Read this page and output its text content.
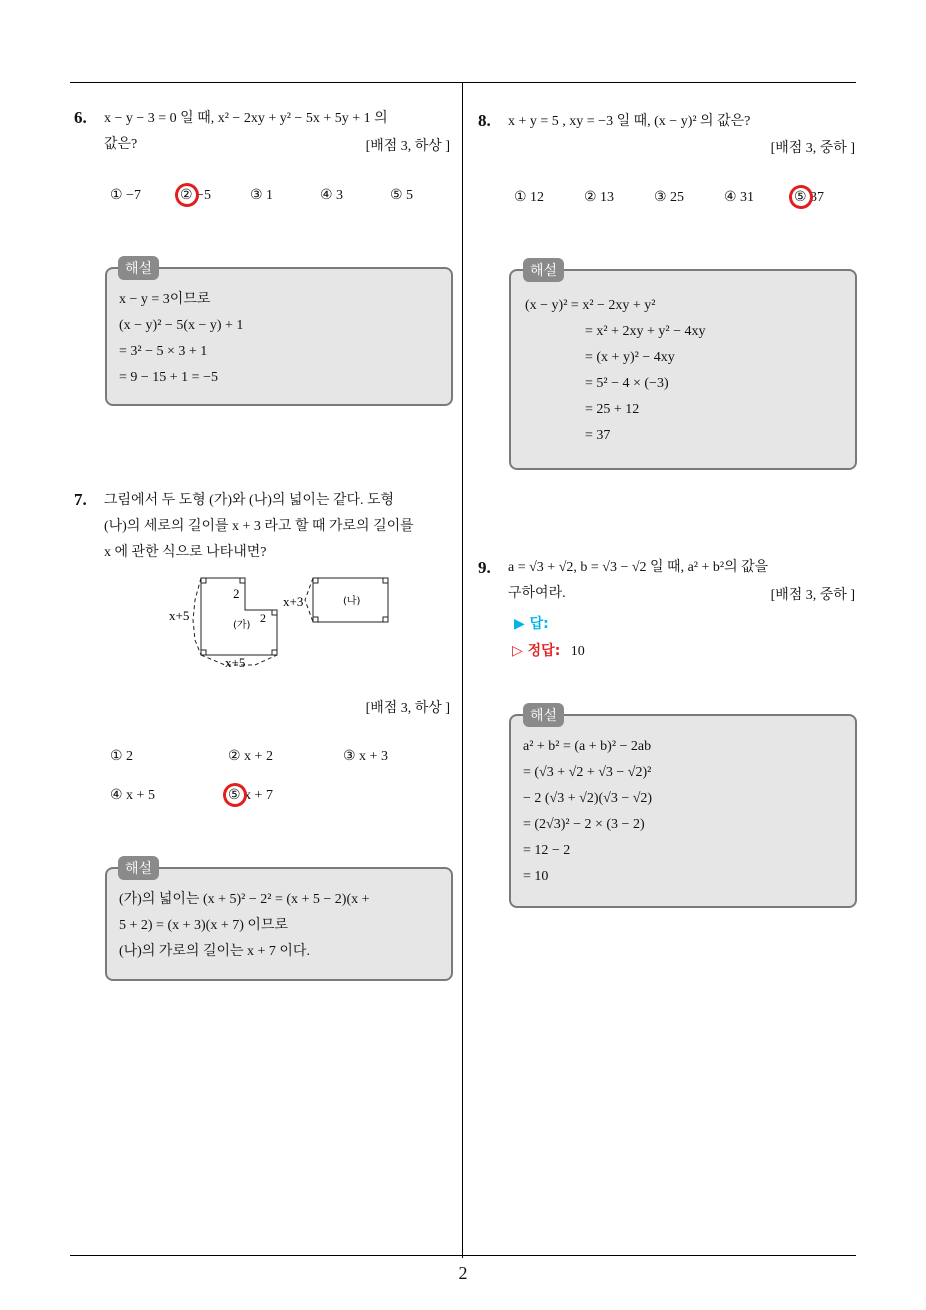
6. x − y − 3 = 0 일 때, x² − 2xy + y² − 5x + 5y + 1 의
값은?	[배점 3, 하상 ]
① −7	② −5	③ 1	④ 3	⑤ 5
x − y = 3이므로
(x − y)² − 5(x − y) + 1
= 3² − 5 × 3 + 1
= 9 − 15 + 1 = −5
해설
7. 그림에서 두 도형 (가)와 (나)의 넓이는 같다. 도형
(나)의 세로의 길이를 x + 3 라고 할 때 가로의 길이를
x 에 관한 식으로 나타내면?
x+5
2
2
(가)
x+5
x+3	(나)
[배점 3, 하상 ]
① 2	② x + 2	③ x + 3
④ x + 5	⑤ x + 7
(가)의 넓이는 (x + 5)² − 2² = (x + 5 − 2)(x +
5 + 2) = (x + 3)(x + 7) 이므로
(나)의 가로의 길이는 x + 7 이다.
해설
8. x + y = 5 , xy = −3 일 때, (x − y)² 의 값은?
[배점 3, 중하 ]
① 12	② 13	③ 25	④ 31	⑤ 37
(x − y)² = x² − 2xy + y²
= x² + 2xy + y² − 4xy
= (x + y)² − 4xy
= 5² − 4 × (−3)
= 25 + 12
= 37
해설
9. a = √3 + √2, b = √3 − √2 일 때, a² + b²의 값을
구하여라.	[배점 3, 중하 ]
▶ 답:
▷ 정답: 10
a² + b² = (a + b)² − 2ab
= (√3 + √2 + √3 − √2)²
− 2 (√3 + √2)(√3 − √2)
= (2√3)² − 2 × (3 − 2)
= 12 − 2
= 10
해설
2
